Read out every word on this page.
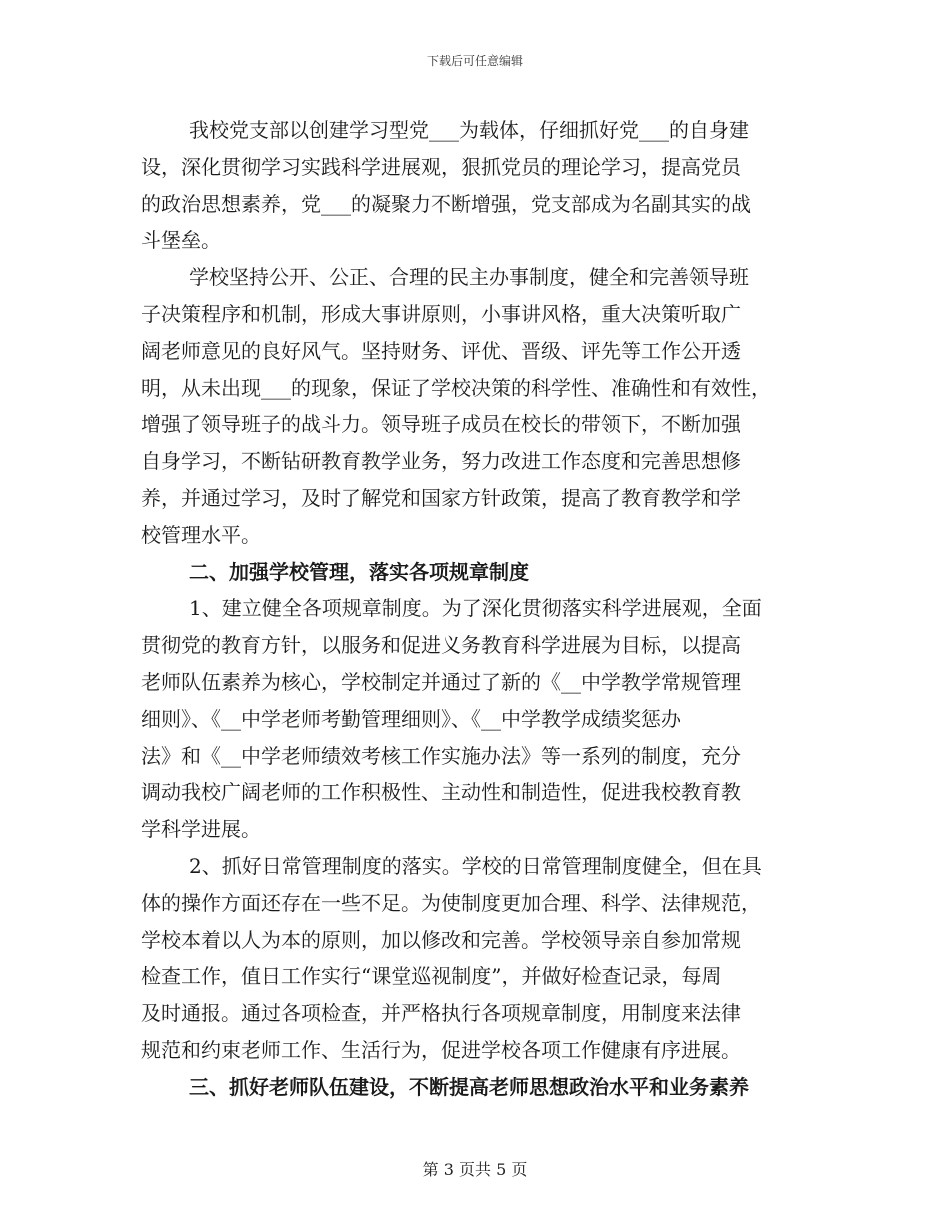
下载后可任意编辑
我校党支部以创建学习型党___为载体，仔细抓好党___的自身建
设，深化贯彻学习实践科学进展观，狠抓党员的理论学习，提高党员
的政治思想素养，党___的凝聚力不断增强，党支部成为名副其实的战
斗堡垒。
学校坚持公开、公正、合理的民主办事制度，健全和完善领导班
子决策程序和机制，形成大事讲原则，小事讲风格，重大决策听取广
阔老师意见的良好风气。坚持财务、评优、晋级、评先等工作公开透
明，从未出现___的现象，保证了学校决策的科学性、准确性和有效性，
增强了领导班子的战斗力。领导班子成员在校长的带领下，不断加强
自身学习，不断钻研教育教学业务，努力改进工作态度和完善思想修
养，并通过学习，及时了解党和国家方针政策，提高了教育教学和学
校管理水平。
二、加强学校管理，落实各项规章制度
1、建立健全各项规章制度。为了深化贯彻落实科学进展观，全面
贯彻党的教育方针，以服务和促进义务教育科学进展为目标，以提高
老师队伍素养为核心，学校制定并通过了新的《__中学教学常规管理
细则》、《__中学老师考勤管理细则》、《__中学教学成绩奖惩办
法》和《__中学老师绩效考核工作实施办法》等一系列的制度，充分
调动我校广阔老师的工作积极性、主动性和制造性，促进我校教育教
学科学进展。
2、抓好日常管理制度的落实。学校的日常管理制度健全，但在具
体的操作方面还存在一些不足。为使制度更加合理、科学、法律规范，
学校本着以人为本的原则，加以修改和完善。学校领导亲自参加常规
检查工作，值日工作实行“课堂巡视制度”，并做好检查记录，每周
及时通报。通过各项检查，并严格执行各项规章制度，用制度来法律
规范和约束老师工作、生活行为，促进学校各项工作健康有序进展。
三、抓好老师队伍建设，不断提高老师思想政治水平和业务素养
第 3 页共 5 页
